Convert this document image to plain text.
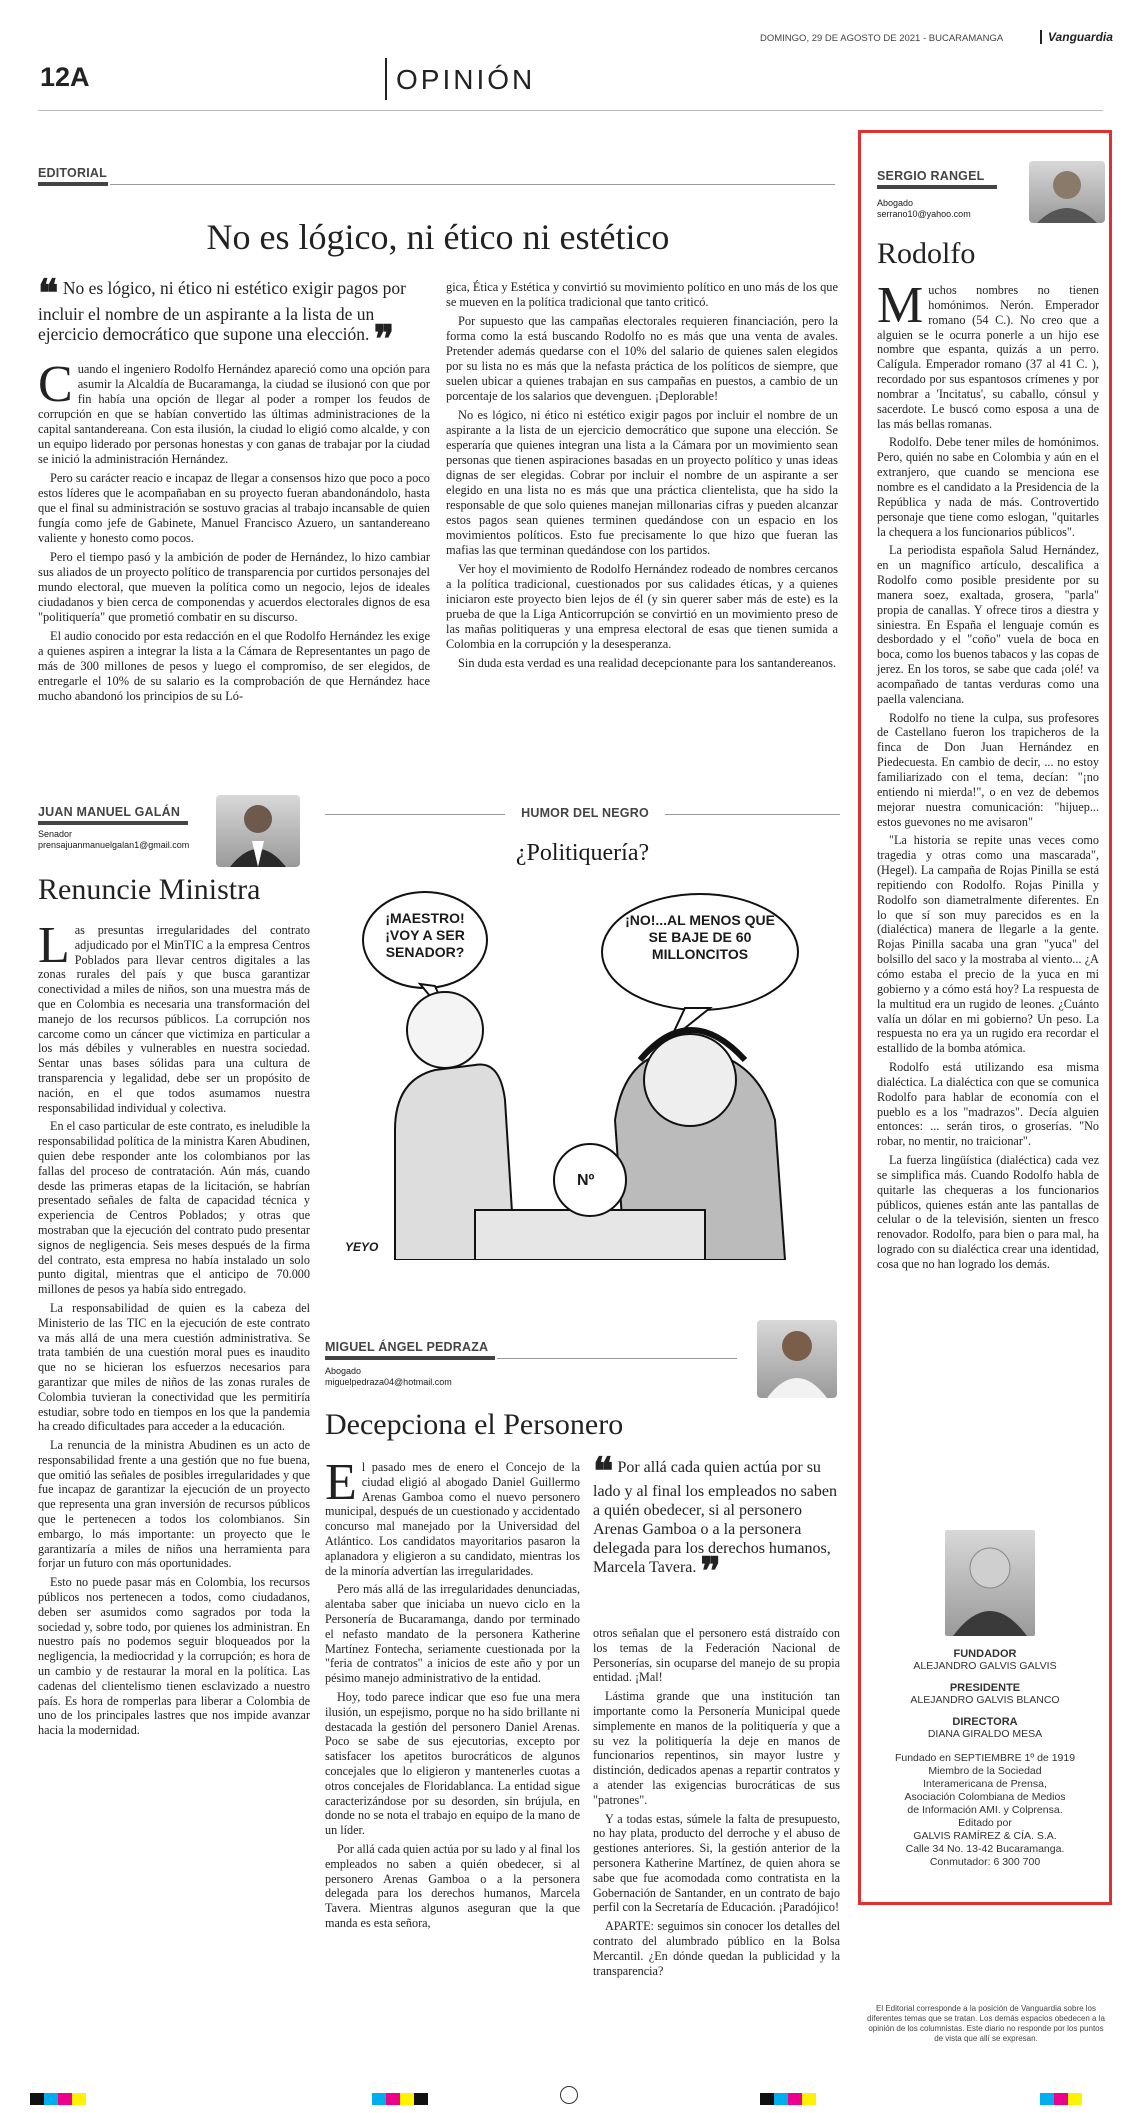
DOMINGO, 29 DE AGOSTO DE 2021 - BUCARAMANGA	Vanguardia
12A	OPINIÓN
EDITORIAL
No es lógico, ni ético ni estético
❝ No es lógico, ni ético ni estético exigir pagos por incluir el nombre de un aspirante a la lista de un ejercicio democrático que supone una elección. ❞
C uando el ingeniero Rodolfo Hernández apareció como una opción para asumir la Alcaldía de Bucaramanga, la ciudad se ilusionó con que por fin había una opción de llegar al poder a romper los feudos de corrupción en que se habían convertido las últimas administraciones de la capital santandereana. Con esta ilusión, la ciudad lo eligió como alcalde, y con un equipo liderado por personas honestas y con ganas de trabajar por la ciudad se inició la administración Hernández.

Pero su carácter reacio e incapaz de llegar a consensos hizo que poco a poco estos líderes que le acompañaban en su proyecto fueran abandonándolo, hasta que el final su administración se sostuvo gracias al trabajo incansable de quien fungía como jefe de Gabinete, Manuel Francisco Azuero, un santandereano valiente y honesto como pocos.

Pero el tiempo pasó y la ambición de poder de Hernández, lo hizo cambiar sus aliados de un proyecto político de transparencia por curtidos personajes del mundo electoral, que mueven la política como un negocio, lejos de ideales ciudadanos y bien cerca de componendas y acuerdos electorales dignos de esa "politiquería" que prometió combatir en su discurso.

El audio conocido por esta redacción en el que Rodolfo Hernández les exige a quienes aspiren a integrar la lista a la Cámara de Representantes un pago de más de 300 millones de pesos y luego el compromiso, de ser elegidos, de entregarle el 10% de su salario es la comprobación de que Hernández hace mucho abandonó los principios de su Ló-

gica, Ética y Estética y convirtió su movimiento político en uno más de los que se mueven en la política tradicional que tanto criticó.

Por supuesto que las campañas electorales requieren financiación, pero la forma como la está buscando Rodolfo no es más que una venta de avales. Pretender además quedarse con el 10% del salario de quienes salen elegidos por su lista no es más que la nefasta práctica de los políticos de siempre, que suelen ubicar a quienes trabajan en sus campañas en puestos, a cambio de un porcentaje de los salarios que devenguen. ¡Deplorable!

No es lógico, ni ético ni estético exigir pagos por incluir el nombre de un aspirante a la lista de un ejercicio democrático que supone una elección. Se esperaría que quienes integran una lista a la Cámara por un movimiento sean personas que tienen aspiraciones basadas en un proyecto político y unas ideas dignas de ser elegidas. Cobrar por incluir el nombre de un aspirante a ser elegido en una lista no es más que una práctica clientelista, que ha sido la responsable de que solo quienes manejan millonarias cifras y pueden alcanzar estos pagos sean quienes terminen quedándose con un espacio en los movimientos políticos. Esto fue precisamente lo que hizo que fueran las mafias las que terminan quedándose con los partidos.

Ver hoy el movimiento de Rodolfo Hernández rodeado de nombres cercanos a la política tradicional, cuestionados por sus calidades éticas, y a quienes iniciaron este proyecto bien lejos de él (y sin querer saber más de este) es la prueba de que la Liga Anticorrupción se convirtió en un movimiento preso de las mañas politiqueras y una empresa electoral de esas que tienen sumida a Colombia en la corrupción y la desesperanza.

Sin duda esta verdad es una realidad decepcionante para los santandereanos.

JUAN MANUEL GALÁN
Senador
prensajuanmanuelgalan1@gmail.com
Renuncie Ministra
L as presuntas irregularidades del contrato adjudicado por el MinTIC a la empresa Centros Poblados para llevar centros digitales a las zonas rurales del país y que busca garantizar conectividad a miles de niños, son una muestra más de que en Colombia es necesaria una transformación del manejo de los recursos públicos. La corrupción nos carcome como un cáncer que victimiza en particular a los más débiles y vulnerables en nuestra sociedad. Sentar unas bases sólidas para una cultura de transparencia y legalidad, debe ser un propósito de nación, en el que todos asumamos nuestra responsabilidad individual y colectiva.

En el caso particular de este contrato, es ineludible la responsabilidad política de la ministra Karen Abudinen, quien debe responder ante los colombianos por las fallas del proceso de contratación. Aún más, cuando desde las primeras etapas de la licitación, se habrían presentado señales de falta de capacidad técnica y experiencia de Centros Poblados; y otras que mostraban que la ejecución del contrato pudo presentar signos de negligencia. Seis meses después de la firma del contrato, esta empresa no había instalado un solo punto digital, mientras que el anticipo de 70.000 millones de pesos ya había sido entregado.

La responsabilidad de quien es la cabeza del Ministerio de las TIC en la ejecución de este contrato va más allá de una mera cuestión administrativa. Se trata también de una cuestión moral pues es inaudito que no se hicieran los esfuerzos necesarios para garantizar que miles de niños de las zonas rurales de Colombia tuvieran la conectividad que les permitiría estudiar, sobre todo en tiempos en los que la pandemia ha creado dificultades para acceder a la educación.

La renuncia de la ministra Abudinen es un acto de responsabilidad frente a una gestión que no fue buena, que omitió las señales de posibles irregularidades y que fue incapaz de garantizar la ejecución de un proyecto que representa una gran inversión de recursos públicos que le pertenecen a todos los colombianos. Sin embargo, lo más importante: un proyecto que le garantizaría a miles de niños una herramienta para forjar un futuro con más oportunidades.

Esto no puede pasar más en Colombia, los recursos públicos nos pertenecen a todos, como ciudadanos, deben ser asumidos como sagrados por toda la sociedad y, sobre todo, por quienes los administran. En nuestro país no podemos seguir bloqueados por la negligencia, la mediocridad y la corrupción; es hora de un cambio y de restaurar la moral en la política. Las cadenas del clientelismo tienen esclavizado a nuestro país. Es hora de romperlas para liberar a Colombia de uno de los principales lastres que nos impide avanzar hacia la modernidad.

HUMOR DEL NEGRO
¿Politiquería?
¡MAESTRO! ¡VOY A SER SENADOR?
¡NO!...AL MENOS QUE SE BAJE DE 60 MILLONCITOS
Nº
YEYO
MIGUEL ÁNGEL PEDRAZA
Abogado
miguelpedraza04@hotmail.com
Decepciona el Personero
❝ Por allá cada quien actúa por su lado y al final los empleados no saben a quién obedecer, si al personero Arenas Gamboa o a la personera delegada para los derechos humanos, Marcela Tavera. ❞
E l pasado mes de enero el Concejo de la ciudad eligió al abogado Daniel Guillermo Arenas Gamboa como el nuevo personero municipal, después de un cuestionado y accidentado concurso mal manejado por la Universidad del Atlántico. Los candidatos mayoritarios pasaron la aplanadora y eligieron a su candidato, mientras los de la minoría advertían las irregularidades.

Pero más allá de las irregularidades denunciadas, alentaba saber que iniciaba un nuevo ciclo en la Personería de Bucaramanga, dando por terminado el nefasto mandato de la personera Katherine Martínez Fontecha, seriamente cuestionada por la "feria de contratos" a inicios de este año y por un pésimo manejo administrativo de la entidad.

Hoy, todo parece indicar que eso fue una mera ilusión, un espejismo, porque no ha sido brillante ni destacada la gestión del personero Daniel Arenas. Poco se sabe de sus ejecutorias, excepto por satisfacer los apetitos burocráticos de algunos concejales que lo eligieron y mantenerles cuotas a otros concejales de Floridablanca. La entidad sigue caracterizándose por su desorden, sin brújula, en donde no se nota el trabajo en equipo de la mano de un líder.

Por allá cada quien actúa por su lado y al final los empleados no saben a quién obedecer, si al personero Arenas Gamboa o a la personera delegada para los derechos humanos, Marcela Tavera. Mientras algunos aseguran que la que manda es esta señora,

otros señalan que el personero está distraído con los temas de la Federación Nacional de Personerías, sin ocuparse del manejo de su propia entidad. ¡Mal!

Lástima grande que una institución tan importante como la Personería Municipal quede simplemente en manos de la politiquería y que a su vez la politiquería la deje en manos de funcionarios repentinos, sin mayor lustre y distinción, dedicados apenas a repartir contratos y a atender las exigencias burocráticas de sus "patrones".

Y a todas estas, súmele la falta de presupuesto, no hay plata, producto del derroche y el abuso de gestiones anteriores. Si, la gestión anterior de la personera Katherine Martínez, de quien ahora se sabe que fue acomodada como contratista en la Gobernación de Santander, en un contrato de bajo perfil con la Secretaría de Educación. ¡Paradójico!

APARTE: seguimos sin conocer los detalles del contrato del alumbrado público en la Bolsa Mercantil. ¿En dónde quedan la publicidad y la transparencia?

SERGIO RANGEL
Abogado
serrano10@yahoo.com
Rodolfo
M uchos nombres no tienen homónimos. Nerón. Emperador romano (54 C.). No creo que a alguien se le ocurra ponerle a un hijo ese nombre que espanta, quizás a un perro. Calígula. Emperador romano (37 al 41 C. ), recordado por sus espantosos crímenes y por nombrar a 'Incitatus', su caballo, cónsul y sacerdote. Le buscó como esposa a una de las más bellas romanas.

Rodolfo. Debe tener miles de homónimos. Pero, quién no sabe en Colombia y aún en el extranjero, que cuando se menciona ese nombre es el candidato a la Presidencia de la República y nada de más. Controvertido personaje que tiene como eslogan, "quitarles la chequera a los funcionarios públicos".

La periodista española Salud Hernández, en un magnífico artículo, descalifica a Rodolfo como posible presidente por su manera soez, exaltada, grosera, "parla" propia de canallas. Y ofrece tiros a diestra y siniestra. En España el lenguaje común es desbordado y el "coño" vuela de boca en boca, como los buenos tabacos y las copas de jerez. En los toros, se sabe que cada ¡olé! va acompañado de tantas verduras como una paella valenciana.

Rodolfo no tiene la culpa, sus profesores de Castellano fueron los trapicheros de la finca de Don Juan Hernández en Piedecuesta. En cambio de decir, ... no estoy familiarizado con el tema, decían: "¡no entiendo ni mierda!", o en vez de debemos mejorar nuestra comunicación: "hijuep... estos guevones no me avisaron"

"La historia se repite unas veces como tragedia y otras como una mascarada", (Hegel). La campaña de Rojas Pinilla se está repitiendo con Rodolfo. Rojas Pinilla y Rodolfo son diametralmente diferentes. En lo que sí son muy parecidos es en la (dialéctica) manera de llegarle a la gente. Rojas Pinilla sacaba una gran "yuca" del bolsillo del saco y la mostraba al viento... ¿A cómo estaba el precio de la yuca en mi gobierno y a cómo está hoy? La respuesta de la multitud era un rugido de leones. ¿Cuánto valía un dólar en mi gobierno? Un peso. La respuesta no era ya un rugido era recordar el estallido de la bomba atómica.

Rodolfo está utilizando esa misma dialéctica. La dialéctica con que se comunica Rodolfo para hablar de economía con el pueblo es a los "madrazos". Decía alguien entonces: ... serán tiros, o groserías. "No robar, no mentir, no traicionar".

La fuerza lingüística (dialéctica) cada vez se simplifica más. Cuando Rodolfo habla de quitarle las chequeras a los funcionarios públicos, quienes están ante las pantallas de celular o de la televisión, sienten un fresco renovador. Rodolfo, para bien o para mal, ha logrado con su dialéctica crear una identidad, cosa que no han logrado los demás.

FUNDADOR
ALEJANDRO GALVIS GALVIS
PRESIDENTE
ALEJANDRO GALVIS BLANCO
DIRECTORA
DIANA GIRALDO MESA
Fundado en SEPTIEMBRE 1º de 1919
Miembro de la Sociedad
Interamericana de Prensa,
Asociación Colombiana de Medios
de Información AMI. y Colprensa.
Editado por
GALVIS RAMÍREZ & CÍA. S.A.
Calle 34 No. 13-42 Bucaramanga.
Conmutador: 6 300 700
El Editorial corresponde a la posición de Vanguardia sobre los diferentes temas que se tratan. Los demás espacios obedecen a la opinión de los columnistas. Este diario no responde por los puntos de vista que allí se expresan.
